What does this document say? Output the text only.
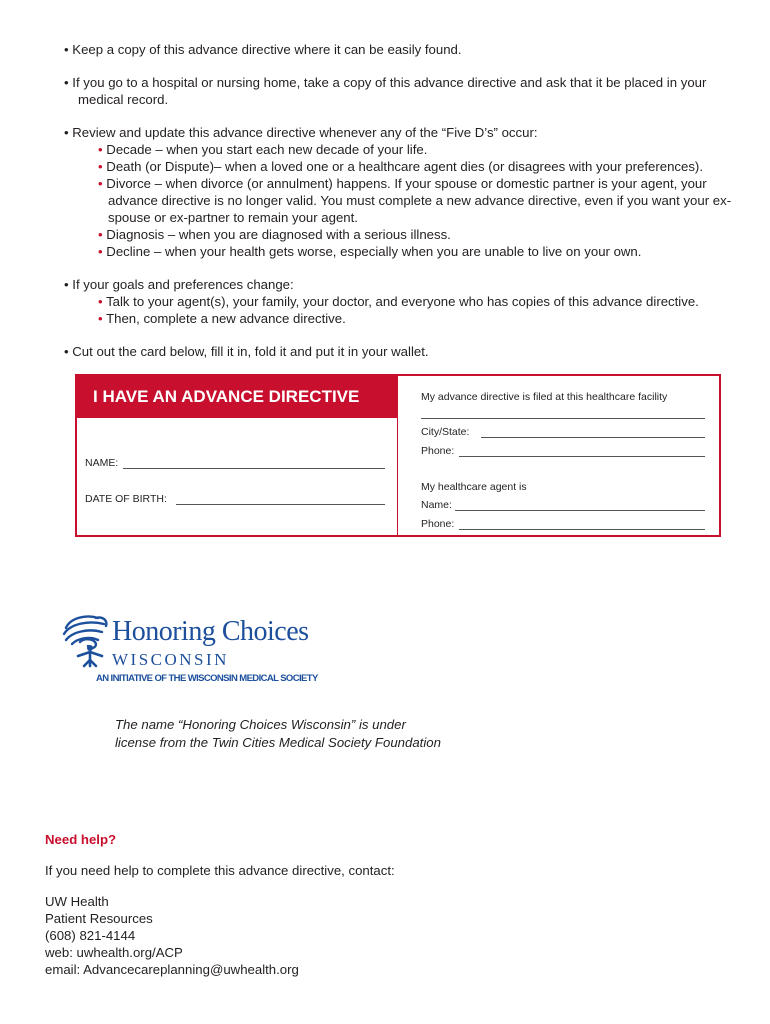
• Keep a copy of this advance directive where it can be easily found.

• If you go to a hospital or nursing home, take a copy of this advance directive and ask that it be placed in your medical record.

• Review and update this advance directive whenever any of the “Five D’s” occur:
• Decade – when you start each new decade of your life.
• Death (or Dispute)– when a loved one or a healthcare agent dies (or disagrees with your preferences).
• Divorce – when divorce (or annulment) happens. If your spouse or domestic partner is your agent, your advance directive is no longer valid. You must complete a new advance directive, even if you want your ex-spouse or ex-partner to remain your agent.
• Diagnosis – when you are diagnosed with a serious illness.
• Decline – when your health gets worse, especially when you are unable to live on your own.

• If your goals and preferences change:
• Talk to your agent(s), your family, your doctor, and everyone who has copies of this advance directive.
• Then, complete a new advance directive.

• Cut out the card below, fill it in, fold it and put it in your wallet.

I HAVE AN ADVANCE DIRECTIVE
NAME:
DATE OF BIRTH:
My advance directive is filed at this healthcare facility
City/State:
Phone:
My healthcare agent is
Name:
Phone:
Honoring Choices
WISCONSIN
AN INITIATIVE OF THE WISCONSIN MEDICAL SOCIETY
The name “Honoring Choices Wisconsin” is under
license from the Twin Cities Medical Society Foundation
Need help?
If you need help to complete this advance directive, contact:
UW Health
Patient Resources
(608) 821-4144
web: uwhealth.org/ACP
email: Advancecareplanning@uwhealth.org
